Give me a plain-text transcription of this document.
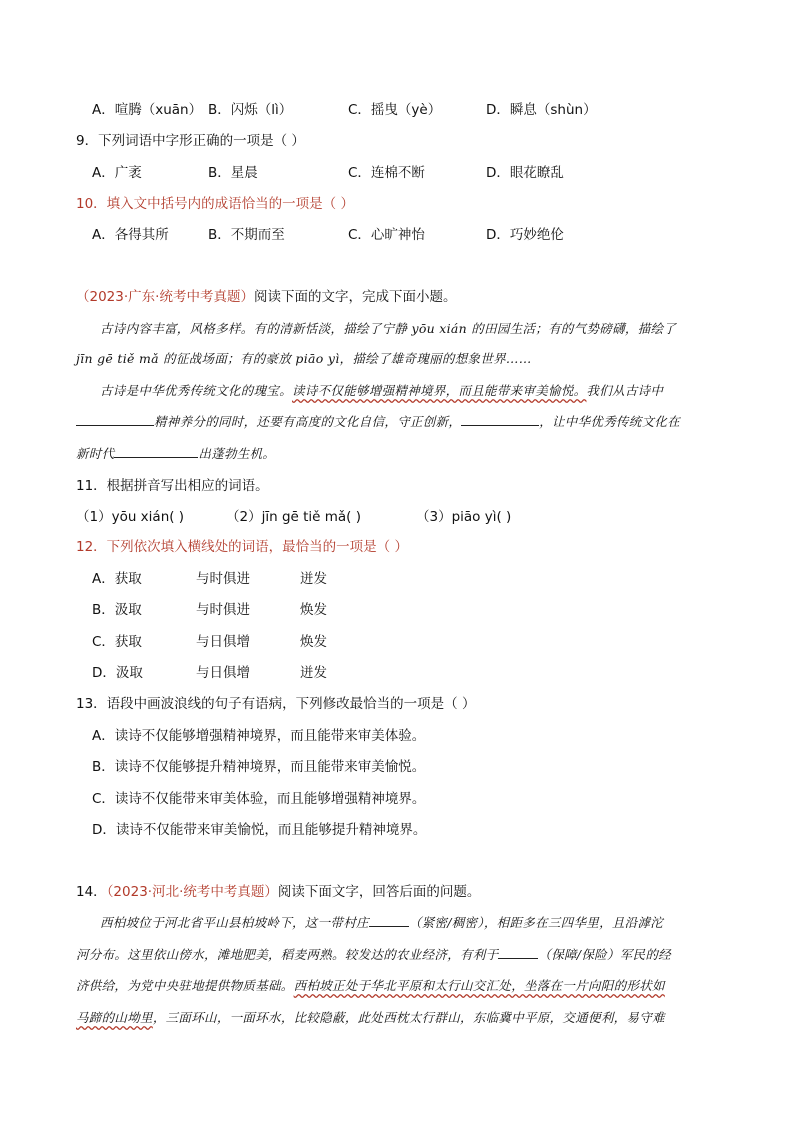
A．喧腾（xuān） B．闪烁（lì）	C．摇曳（yè）	D．瞬息（shùn）
9．下列词语中字形正确的一项是（ ）
A．广袤	B．星晨	C．连棉不断	D．眼花瞭乱
10．填入文中括号内的成语恰当的一项是（ ）
A．各得其所	B．不期而至	C．心旷神怡	D．巧妙绝伦
（2023·广东·统考中考真题）阅读下面的文字，完成下面小题。
古诗内容丰富，风格多样。有的清新恬淡，描绘了宁静 yōu xián 的田园生活；有的气势磅礴，描绘了
jīn gē tiě mǎ 的征战场面；有的豪放 piāo yì，描绘了雄奇瑰丽的想象世界……
古诗是中华优秀传统文化的瑰宝。读诗不仅能够增强精神境界，而且能带来审美愉悦。我们从古诗中
精神养分的同时，还要有高度的文化自信，守正创新，	，让中华优秀传统文化在
新时代	出蓬勃生机。
11．根据拼音写出相应的词语。
（1）yōu xián( )	（2）jīn gē tiě mǎ( )	（3）piāo yì( )
12．下列依次填入横线处的词语，最恰当的一项是（ ）
A．获取	与时俱进	迸发
B．汲取	与时俱进	焕发
C．获取	与日俱增	焕发
D．汲取	与日俱增	迸发
13．语段中画波浪线的句子有语病，下列修改最恰当的一项是（ ）
A．读诗不仅能够增强精神境界，而且能带来审美体验。
B．读诗不仅能够提升精神境界，而且能带来审美愉悦。
C．读诗不仅能带来审美体验，而且能够增强精神境界。
D．读诗不仅能带来审美愉悦，而且能够提升精神境界。
14．（2023·河北·统考中考真题）阅读下面文字，回答后面的问题。
西柏坡位于河北省平山县柏坡岭下，这一带村庄	（紧密/稠密），相距多在三四华里，且沿滹沱
河分布。这里依山傍水，滩地肥美，稻麦两熟。较发达的农业经济，有利于	（保障/保险）军民的经
济供给，为党中央驻地提供物质基础。西柏坡正处于华北平原和太行山交汇处，坐落在一片向阳的形状如
马蹄的山坳里，三面环山，一面环水，比较隐蔽，此处西枕太行群山，东临冀中平原，交通便利，易守难
